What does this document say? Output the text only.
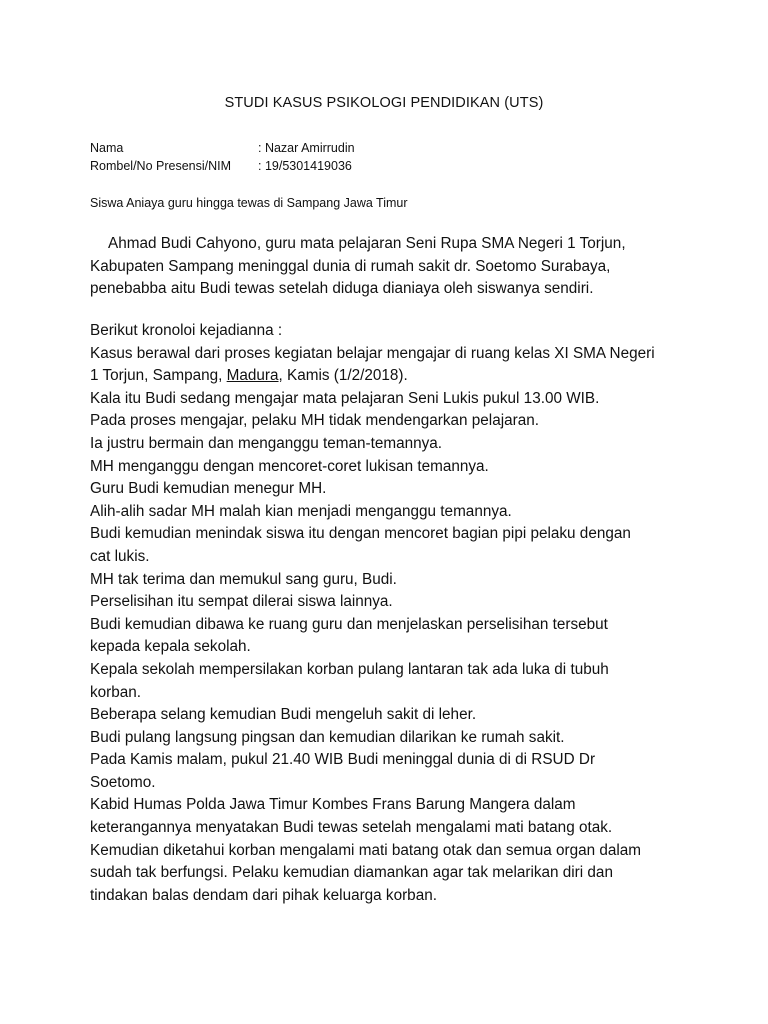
STUDI KASUS PSIKOLOGI PENDIDIKAN (UTS)
Nama	: Nazar Amirrudin
Rombel/No Presensi/NIM : 19/5301419036
Siswa Aniaya guru hingga tewas di Sampang Jawa Timur
Ahmad Budi Cahyono, guru mata pelajaran Seni Rupa SMA Negeri 1 Torjun,
Kabupaten Sampang meninggal dunia di rumah sakit dr. Soetomo Surabaya,
penebabba aitu Budi tewas setelah diduga dianiaya oleh siswanya sendiri.
Berikut kronoloi kejadianna :
Kasus berawal dari proses kegiatan belajar mengajar di ruang kelas XI SMA Negeri
1 Torjun, Sampang, Madura, Kamis (1/2/2018).
Kala itu Budi sedang mengajar mata pelajaran Seni Lukis pukul 13.00 WIB.
Pada proses mengajar, pelaku MH tidak mendengarkan pelajaran.
Ia justru bermain dan menganggu teman-temannya.
MH menganggu dengan mencoret-coret lukisan temannya.
Guru Budi kemudian menegur MH.
Alih-alih sadar MH malah kian menjadi menganggu temannya.
Budi kemudian menindak siswa itu dengan mencoret bagian pipi pelaku dengan
cat lukis.
MH tak terima dan memukul sang guru, Budi.
Perselisihan itu sempat dilerai siswa lainnya.
Budi kemudian dibawa ke ruang guru dan menjelaskan perselisihan tersebut
kepada kepala sekolah.
Kepala sekolah mempersilakan korban pulang lantaran tak ada luka di tubuh
korban.
Beberapa selang kemudian Budi mengeluh sakit di leher.
Budi pulang langsung pingsan dan kemudian dilarikan ke rumah sakit.
Pada Kamis malam, pukul 21.40 WIB Budi meninggal dunia di di RSUD Dr
Soetomo.
Kabid Humas Polda Jawa Timur Kombes Frans Barung Mangera dalam
keterangannya menyatakan Budi tewas setelah mengalami mati batang otak.
Kemudian diketahui korban mengalami mati batang otak dan semua organ dalam
sudah tak berfungsi. Pelaku kemudian diamankan agar tak melarikan diri dan
tindakan balas dendam dari pihak keluarga korban.
